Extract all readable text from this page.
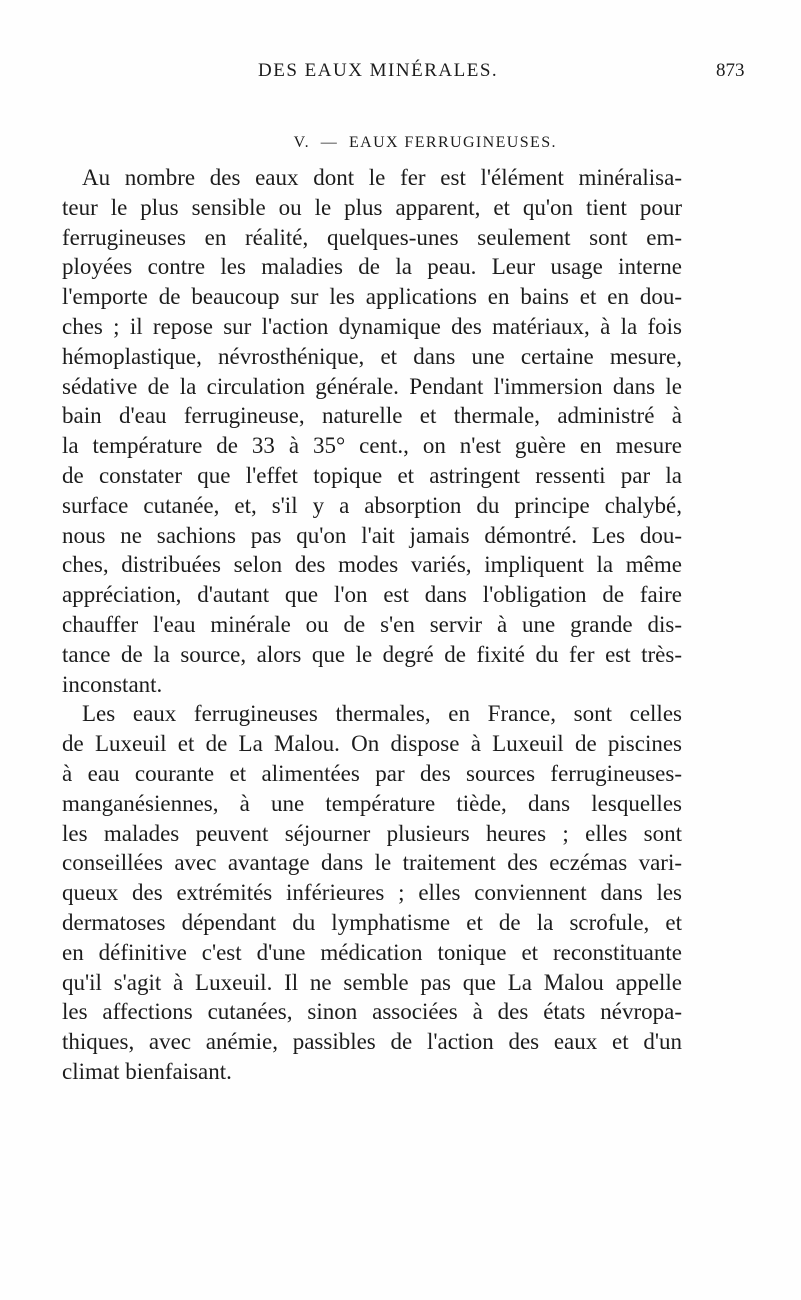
DES EAUX MINÉRALES.	873

V.  —  EAUX FERRUGINEUSES.

Au nombre des eaux dont le fer est l'élément minéralisa-
teur le plus sensible ou le plus apparent, et qu'on tient pour
ferrugineuses en réalité, quelques-unes seulement sont em-
ployées contre les maladies de la peau. Leur usage interne
l'emporte de beaucoup sur les applications en bains et en dou-
ches ; il repose sur l'action dynamique des matériaux, à la fois
hémoplastique, névrosthénique, et dans une certaine mesure,
sédative de la circulation générale. Pendant l'immersion dans le
bain d'eau ferrugineuse, naturelle et thermale, administré à
la température de 33 à 35° cent., on n'est guère en mesure
de constater que l'effet topique et astringent ressenti par la
surface cutanée, et, s'il y a absorption du principe chalybé,
nous ne sachions pas qu'on l'ait jamais démontré. Les dou-
ches, distribuées selon des modes variés, impliquent la même
appréciation, d'autant que l'on est dans l'obligation de faire
chauffer l'eau minérale ou de s'en servir à une grande dis-
tance de la source, alors que le degré de fixité du fer est très-
inconstant.
Les eaux ferrugineuses thermales, en France, sont celles
de Luxeuil et de La Malou. On dispose à Luxeuil de piscines
à eau courante et alimentées par des sources ferrugineuses-
manganésiennes, à une température tiède, dans lesquelles
les malades peuvent séjourner plusieurs heures ; elles sont
conseillées avec avantage dans le traitement des eczémas vari-
queux des extrémités inférieures ; elles conviennent dans les
dermatoses dépendant du lymphatisme et de la scrofule, et
en définitive c'est d'une médication tonique et reconstituante
qu'il s'agit à Luxeuil. Il ne semble pas que La Malou appelle
les affections cutanées, sinon associées à des états névropa-
thiques, avec anémie, passibles de l'action des eaux et d'un
climat bienfaisant.
